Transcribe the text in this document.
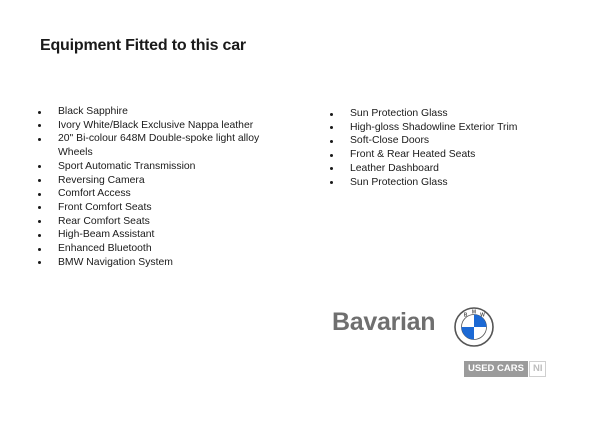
Equipment Fitted to this car
Black Sapphire
Ivory White/Black Exclusive Nappa leather
20" Bi-colour 648M Double-spoke light alloy Wheels
Sport Automatic Transmission
Reversing Camera
Comfort Access
Front Comfort Seats
Rear Comfort Seats
High-Beam Assistant
Enhanced Bluetooth
BMW Navigation System
Sun Protection Glass
High-gloss Shadowline Exterior Trim
Soft-Close Doors
Front & Rear Heated Seats
Leather Dashboard
Sun Protection Glass
Bavarian	B
M
W
USED CARS NI
